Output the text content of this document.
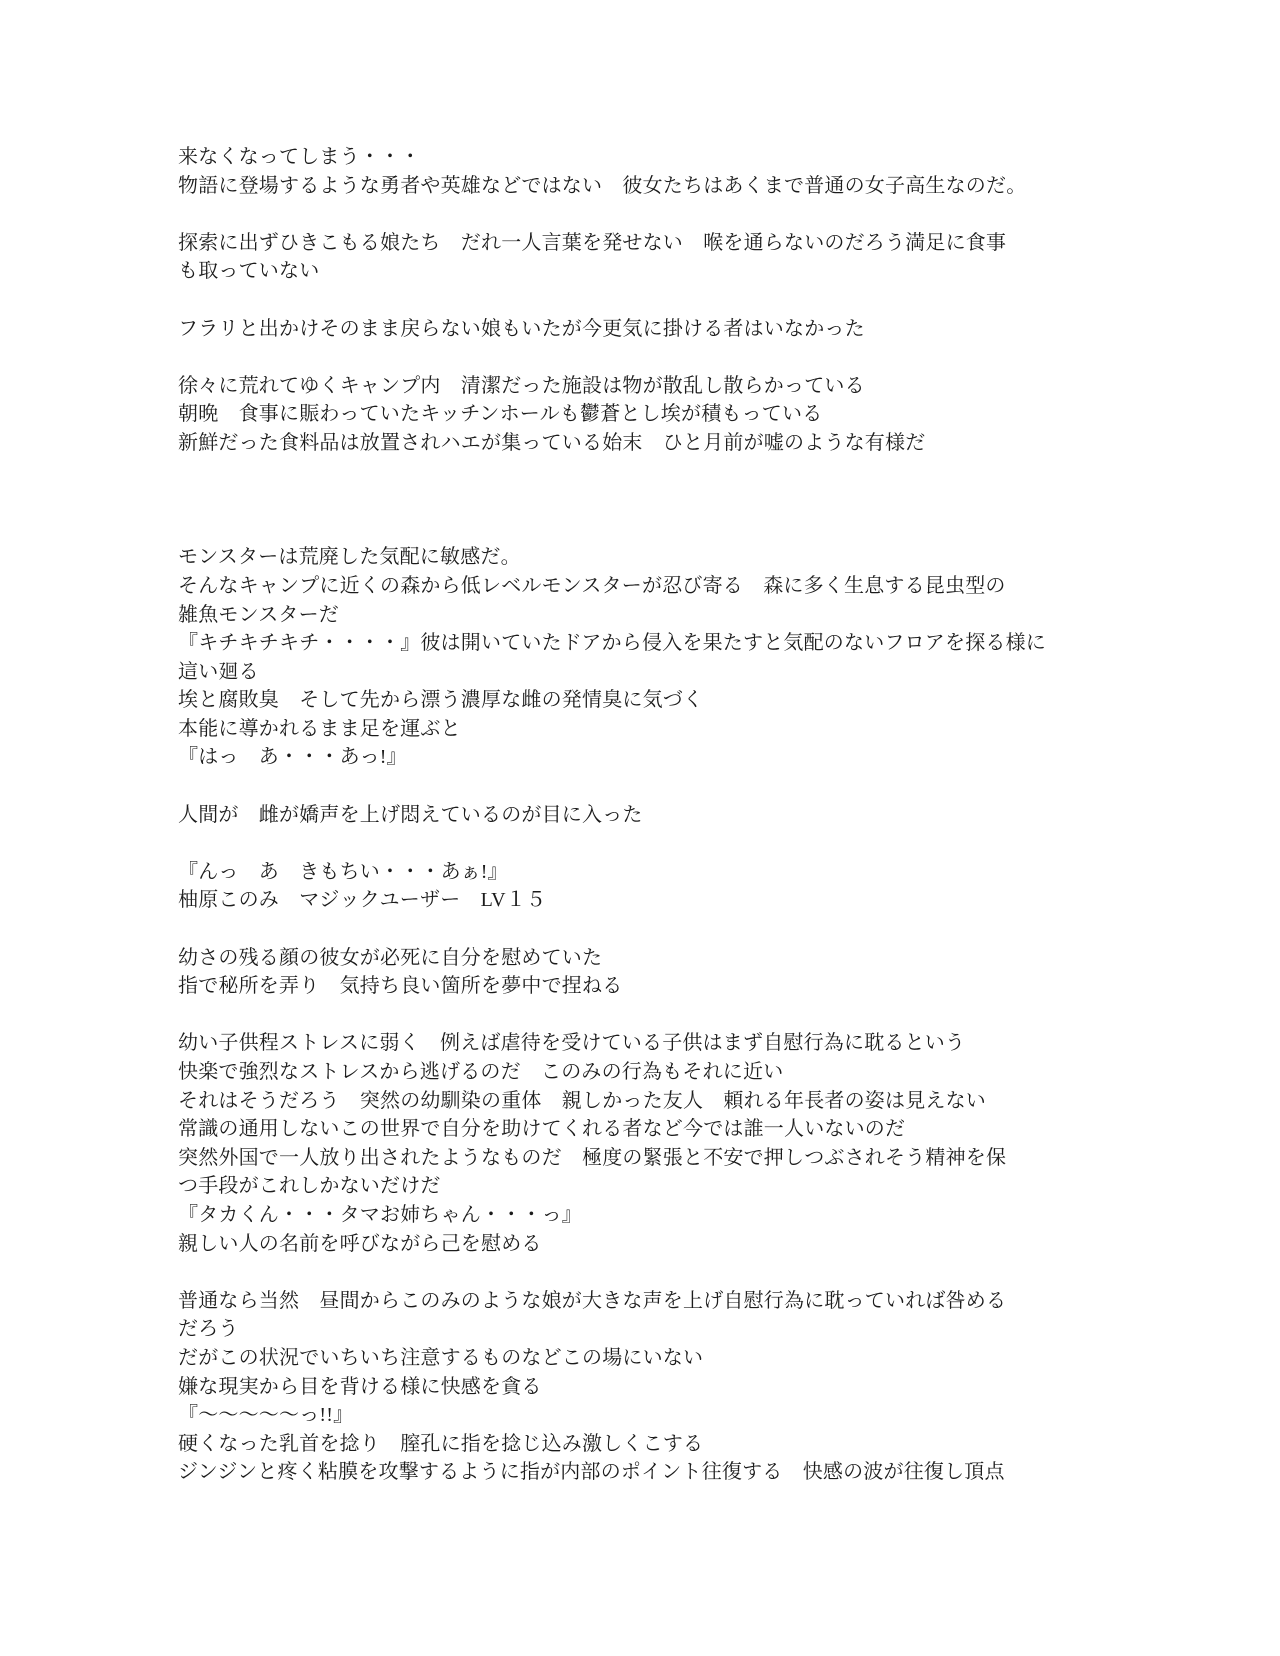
来なくなってしまう・・・
物語に登場するような勇者や英雄などではない　彼女たちはあくまで普通の女子高生なのだ。

探索に出ずひきこもる娘たち　だれ一人言葉を発せない　喉を通らないのだろう満足に食事
も取っていない

フラリと出かけそのまま戻らない娘もいたが今更気に掛ける者はいなかった

徐々に荒れてゆくキャンプ内　清潔だった施設は物が散乱し散らかっている
朝晩　食事に賑わっていたキッチンホールも鬱蒼とし埃が積もっている
新鮮だった食料品は放置されハエが集っている始末　ひと月前が嘘のような有様だ

モンスターは荒廃した気配に敏感だ。
そんなキャンプに近くの森から低レベルモンスターが忍び寄る　森に多く生息する昆虫型の
雑魚モンスターだ
『キチキチキチ・・・・』彼は開いていたドアから侵入を果たすと気配のないフロアを探る様に
這い廻る
埃と腐敗臭　そして先から漂う濃厚な雌の発情臭に気づく
本能に導かれるまま足を運ぶと
『はっ　あ・・・あっ!』

人間が　雌が嬌声を上げ悶えているのが目に入った

『んっ　あ　きもちい・・・あぁ!』
柚原このみ　マジックユーザー　LV１５

幼さの残る顔の彼女が必死に自分を慰めていた
指で秘所を弄り　気持ち良い箇所を夢中で捏ねる

幼い子供程ストレスに弱く　例えば虐待を受けている子供はまず自慰行為に耽るという
快楽で強烈なストレスから逃げるのだ　このみの行為もそれに近い
それはそうだろう　突然の幼馴染の重体　親しかった友人　頼れる年長者の姿は見えない
常識の通用しないこの世界で自分を助けてくれる者など今では誰一人いないのだ
突然外国で一人放り出されたようなものだ　極度の緊張と不安で押しつぶされそう精神を保
つ手段がこれしかないだけだ
『タカくん・・・タマお姉ちゃん・・・っ』
親しい人の名前を呼びながら己を慰める

普通なら当然　昼間からこのみのような娘が大きな声を上げ自慰行為に耽っていれば咎める
だろう
だがこの状況でいちいち注意するものなどこの場にいない
嫌な現実から目を背ける様に快感を貪る
『〜〜〜〜〜っ!!』
硬くなった乳首を捻り　膣孔に指を捻じ込み激しくこする
ジンジンと疼く粘膜を攻撃するように指が内部のポイント往復する　快感の波が往復し頂点
